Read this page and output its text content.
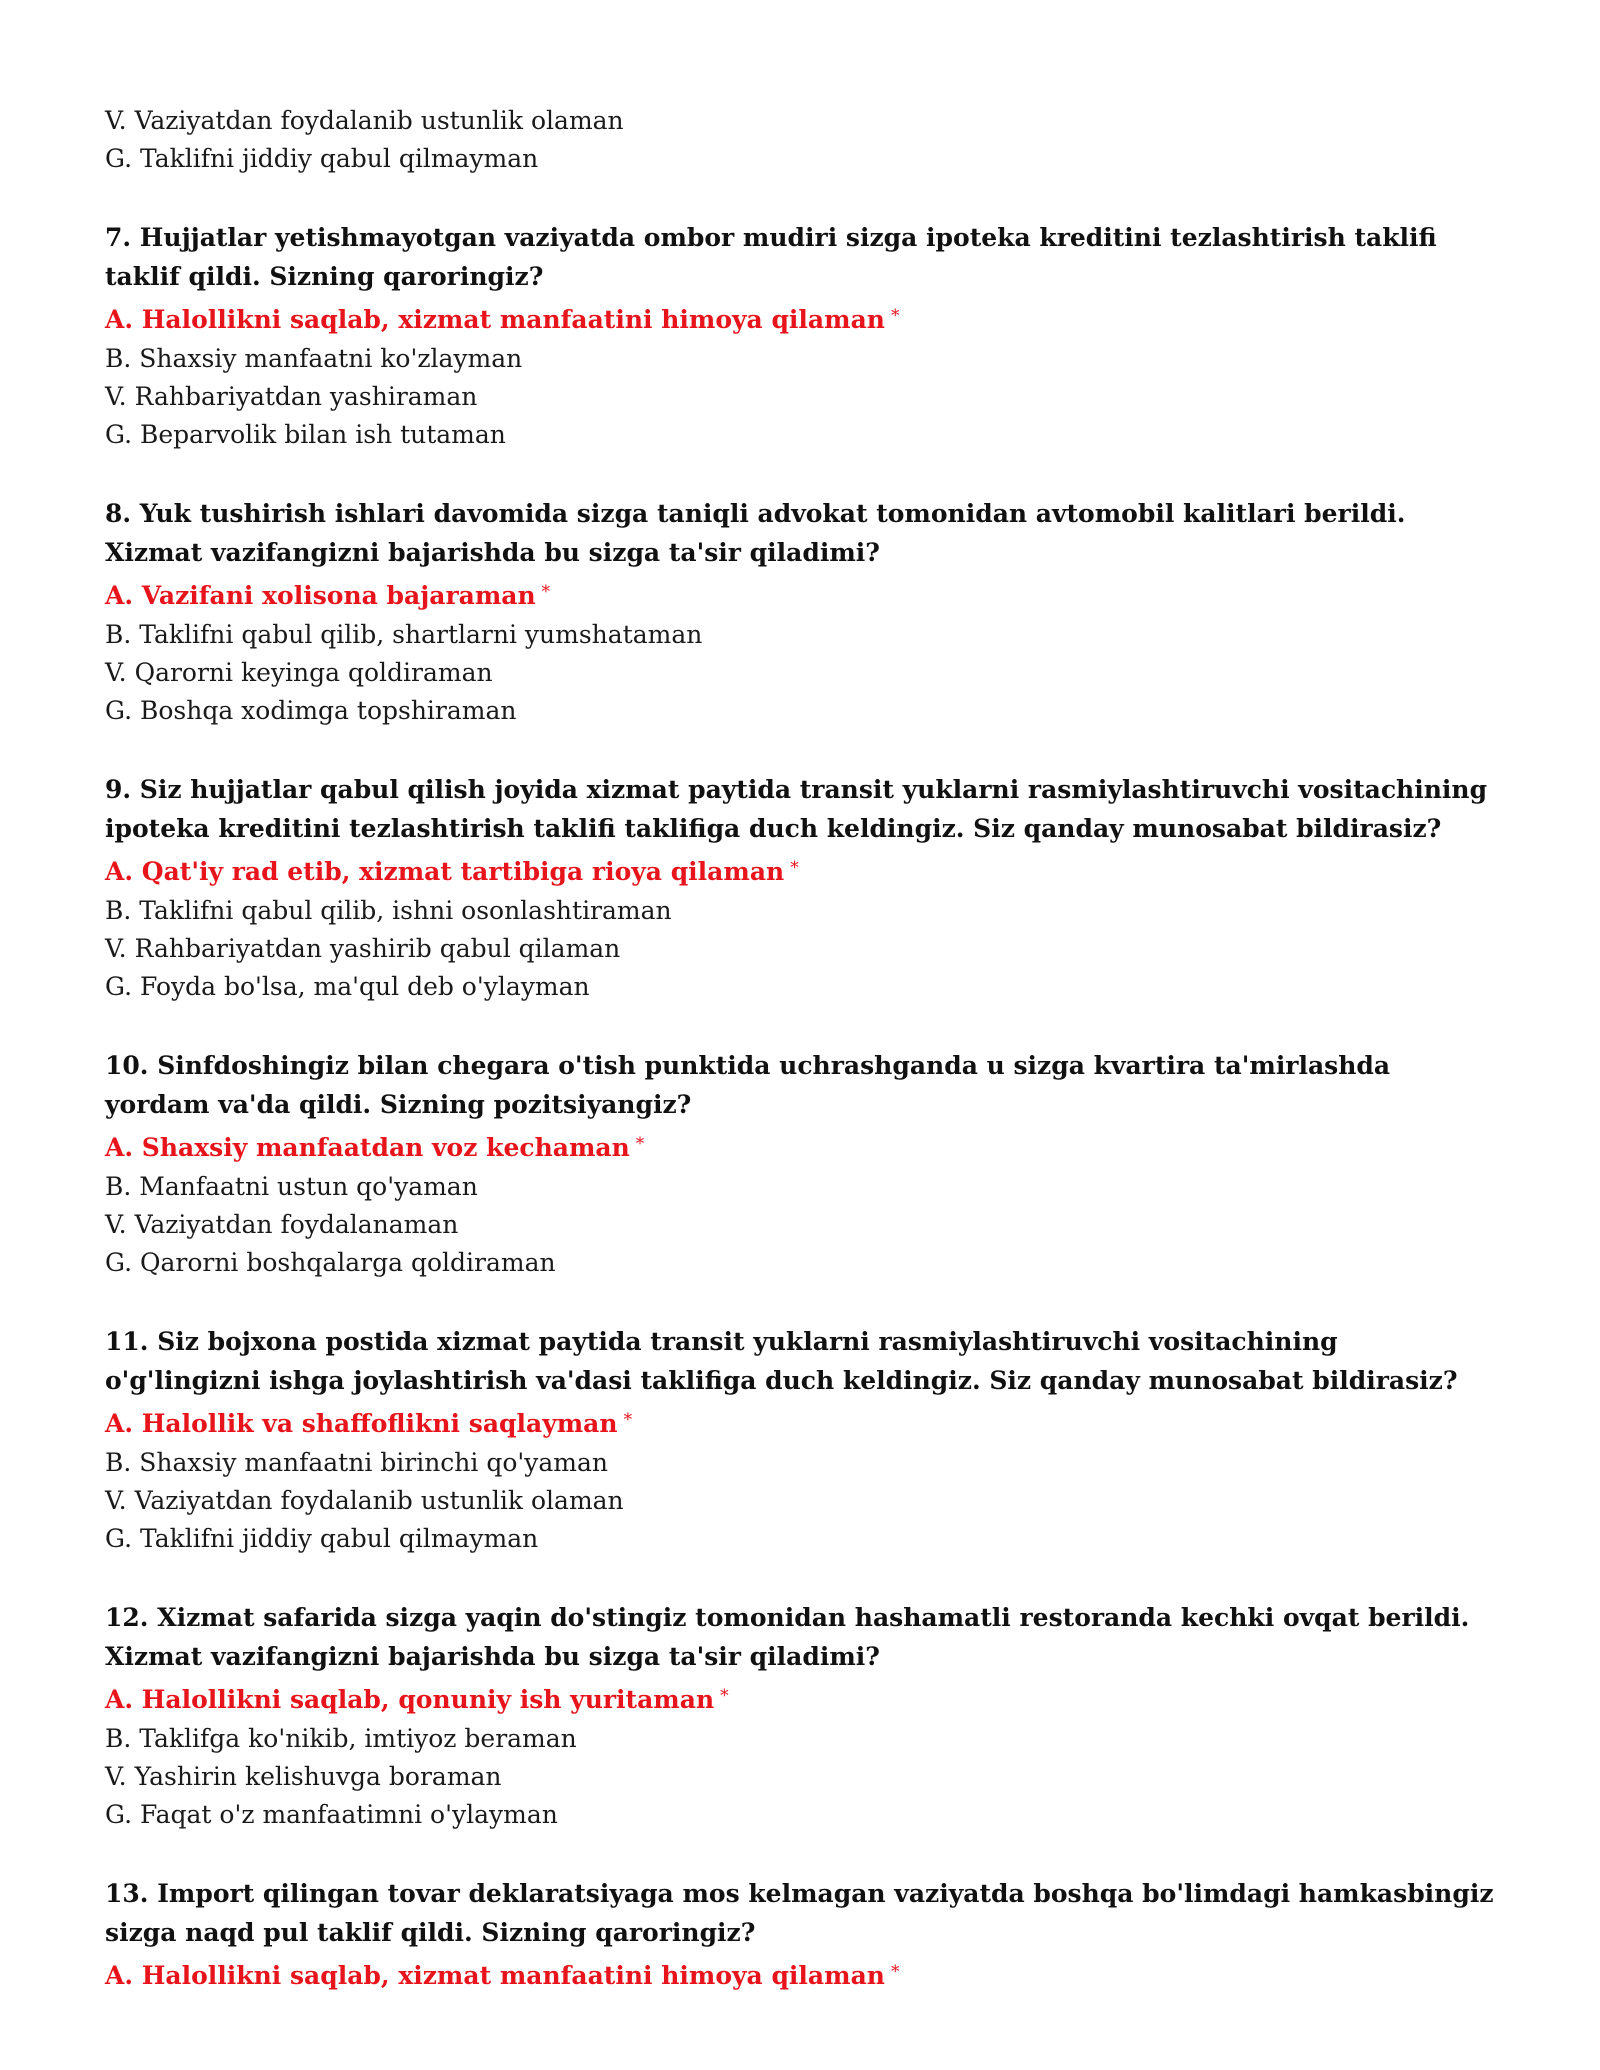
V. Vaziyatdan foydalanib ustunlik olaman
G. Taklifni jiddiy qabul qilmayman
7. Hujjatlar yetishmayotgan vaziyatda ombor mudiri sizga ipoteka kreditini tezlashtirish taklifi taklif qildi. Sizning qaroringiz?
A. Halollikni saqlab, xizmat manfaatini himoya qilaman *
B. Shaxsiy manfaatni ko'zlayman
V. Rahbariyatdan yashiraman
G. Beparvolik bilan ish tutaman
8. Yuk tushirish ishlari davomida sizga taniqli advokat tomonidan avtomobil kalitlari berildi. Xizmat vazifangizni bajarishda bu sizga ta'sir qiladimi?
A. Vazifani xolisona bajaraman *
B. Taklifni qabul qilib, shartlarni yumshataman
V. Qarorni keyinga qoldiraman
G. Boshqa xodimga topshiraman
9. Siz hujjatlar qabul qilish joyida xizmat paytida transit yuklarni rasmiylashtiruvchi vositachining ipoteka kreditini tezlashtirish taklifi taklifiga duch keldingiz. Siz qanday munosabat bildirasiz?
A. Qat'iy rad etib, xizmat tartibiga rioya qilaman *
B. Taklifni qabul qilib, ishni osonlashtiraman
V. Rahbariyatdan yashirib qabul qilaman
G. Foyda bo'lsa, ma'qul deb o'ylayman
10. Sinfdoshingiz bilan chegara o'tish punktida uchrashganda u sizga kvartira ta'mirlashda yordam va'da qildi. Sizning pozitsiyangiz?
A. Shaxsiy manfaatdan voz kechaman *
B. Manfaatni ustun qo'yaman
V. Vaziyatdan foydalanaman
G. Qarorni boshqalarga qoldiraman
11. Siz bojxona postida xizmat paytida transit yuklarni rasmiylashtiruvchi vositachining o'g'lingizni ishga joylashtirish va'dasi taklifiga duch keldingiz. Siz qanday munosabat bildirasiz?
A. Halollik va shaffoflikni saqlayman *
B. Shaxsiy manfaatni birinchi qo'yaman
V. Vaziyatdan foydalanib ustunlik olaman
G. Taklifni jiddiy qabul qilmayman
12. Xizmat safarida sizga yaqin do'stingiz tomonidan hashamatli restoranda kechki ovqat berildi. Xizmat vazifangizni bajarishda bu sizga ta'sir qiladimi?
A. Halollikni saqlab, qonuniy ish yuritaman *
B. Taklifga ko'nikib, imtiyoz beraman
V. Yashirin kelishuvga boraman
G. Faqat o'z manfaatimni o'ylayman
13. Import qilingan tovar deklaratsiyaga mos kelmagan vaziyatda boshqa bo'limdagi hamkasbingiz sizga naqd pul taklif qildi. Sizning qaroringiz?
A. Halollikni saqlab, xizmat manfaatini himoya qilaman *
